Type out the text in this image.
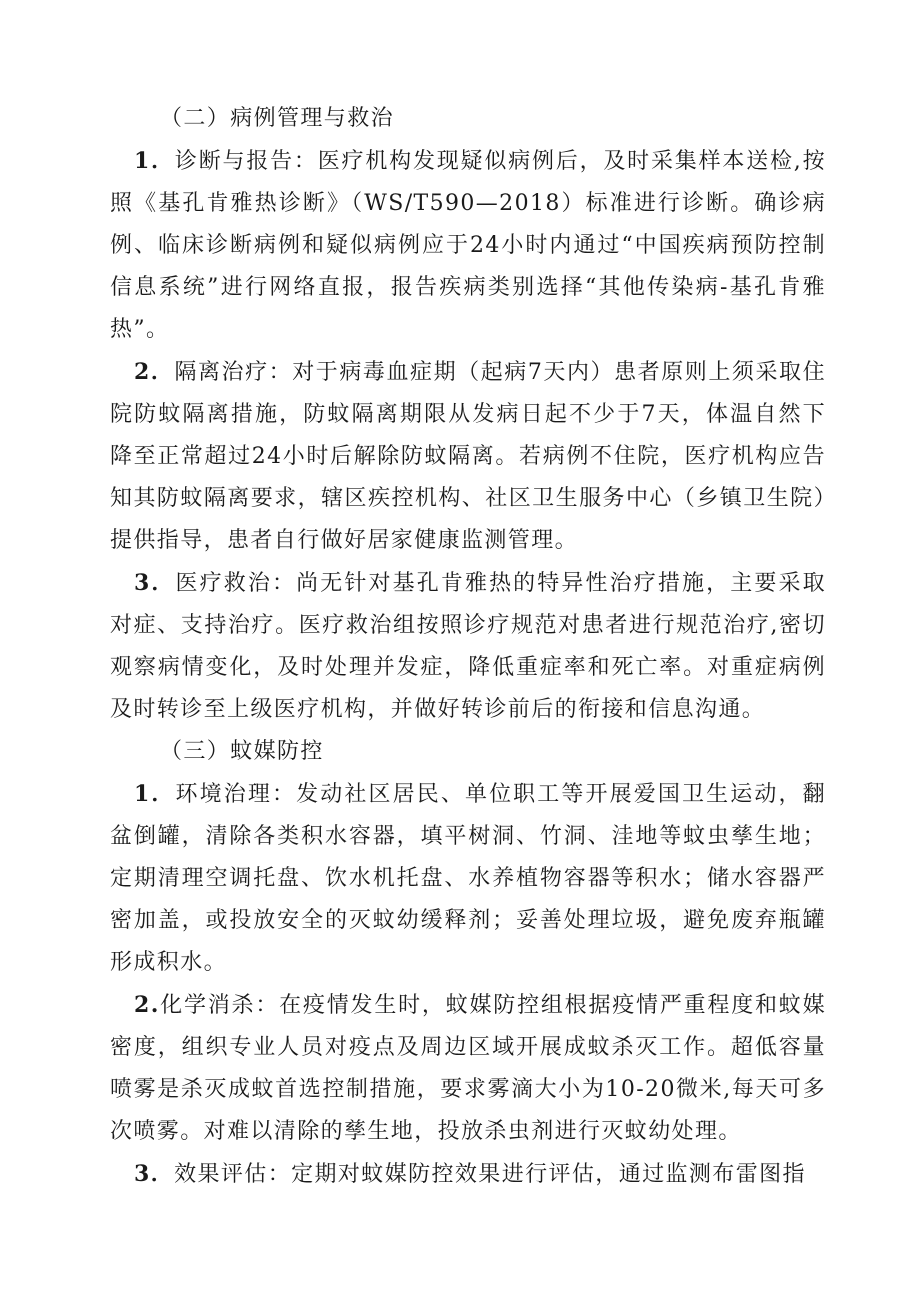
（二）病例管理与救治

1．诊断与报告：医疗机构发现疑似病例后，及时采集样本送检,按照《基孔肯雅热诊断》（WS/T590—2018）标准进行诊断。确诊病例、临床诊断病例和疑似病例应于24小时内通过“中国疾病预防控制信息系统”进行网络直报，报告疾病类别选择“其他传染病-基孔肯雅热”。

2．隔离治疗：对于病毒血症期（起病7天内）患者原则上须采取住院防蚊隔离措施，防蚊隔离期限从发病日起不少于7天，体温自然下降至正常超过24小时后解除防蚊隔离。若病例不住院，医疗机构应告知其防蚊隔离要求，辖区疾控机构、社区卫生服务中心（乡镇卫生院）提供指导，患者自行做好居家健康监测管理。

3．医疗救治：尚无针对基孔肯雅热的特异性治疗措施，主要采取对症、支持治疗。医疗救治组按照诊疗规范对患者进行规范治疗,密切观察病情变化，及时处理并发症，降低重症率和死亡率。对重症病例及时转诊至上级医疗机构，并做好转诊前后的衔接和信息沟通。

（三）蚊媒防控

1．环境治理：发动社区居民、单位职工等开展爱国卫生运动，翻盆倒罐，清除各类积水容器，填平树洞、竹洞、洼地等蚊虫孳生地；定期清理空调托盘、饮水机托盘、水养植物容器等积水；储水容器严密加盖，或投放安全的灭蚊幼缓释剂；妥善处理垃圾，避免废弃瓶罐形成积水。

2.化学消杀：在疫情发生时，蚊媒防控组根据疫情严重程度和蚊媒密度，组织专业人员对疫点及周边区域开展成蚊杀灭工作。超低容量喷雾是杀灭成蚊首选控制措施，要求雾滴大小为10-20微米,每天可多次喷雾。对难以清除的孳生地，投放杀虫剂进行灭蚊幼处理。

3．效果评估：定期对蚊媒防控效果进行评估，通过监测布雷图指
